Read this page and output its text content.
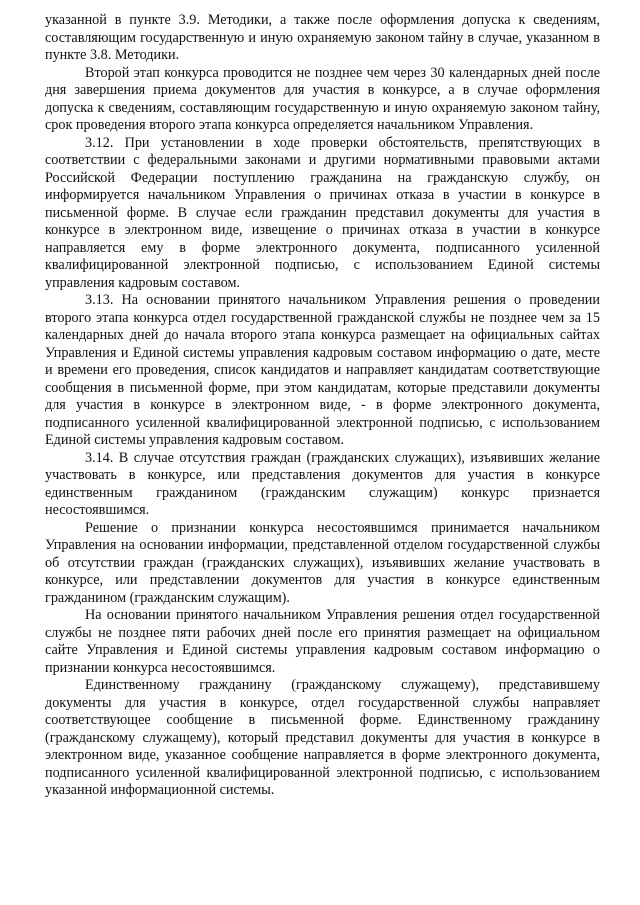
указанной в пункте 3.9. Методики, а также после оформления допуска к сведениям, составляющим государственную и иную охраняемую законом тайну в случае, указанном в пункте 3.8. Методики.

Второй этап конкурса проводится не позднее чем через 30 календарных дней после дня завершения приема документов для участия в конкурсе, а в случае оформления допуска к сведениям, составляющим государственную и иную охраняемую законом тайну, срок проведения второго этапа конкурса определяется начальником Управления.

3.12. При установлении в ходе проверки обстоятельств, препятствующих в соответствии с федеральными законами и другими нормативными правовыми актами Российской Федерации поступлению гражданина на гражданскую службу, он информируется начальником Управления о причинах отказа в участии в конкурсе в письменной форме. В случае если гражданин представил документы для участия в конкурсе в электронном виде, извещение о причинах отказа в участии в конкурсе направляется ему в форме электронного документа, подписанного усиленной квалифицированной электронной подписью, с использованием Единой системы управления кадровым составом.

3.13. На основании принятого начальником Управления решения о проведении второго этапа конкурса отдел государственной гражданской службы не позднее чем за 15 календарных дней до начала второго этапа конкурса размещает на официальных сайтах Управления и Единой системы управления кадровым составом информацию о дате, месте и времени его проведения, список кандидатов и направляет кандидатам соответствующие сообщения в письменной форме, при этом кандидатам, которые представили документы для участия в конкурсе в электронном виде, - в форме электронного документа, подписанного усиленной квалифицированной электронной подписью, с использованием Единой системы управления кадровым составом.

3.14. В случае отсутствия граждан (гражданских служащих), изъявивших желание участвовать в конкурсе, или представления документов для участия в конкурсе единственным гражданином (гражданским служащим) конкурс признается несостоявшимся.

Решение о признании конкурса несостоявшимся принимается начальником Управления на основании информации, представленной отделом государственной службы об отсутствии граждан (гражданских служащих), изъявивших желание участвовать в конкурсе, или представлении документов для участия в конкурсе единственным гражданином (гражданским служащим).

На основании принятого начальником Управления решения отдел государственной службы не позднее пяти рабочих дней после его принятия размещает на официальном сайте Управления и Единой системы управления кадровым составом информацию о признании конкурса несостоявшимся.

Единственному гражданину (гражданскому служащему), представившему документы для участия в конкурсе, отдел государственной службы направляет соответствующее сообщение в письменной форме. Единственному гражданину (гражданскому служащему), который представил документы для участия в конкурсе в электронном виде, указанное сообщение направляется в форме электронного документа, подписанного усиленной квалифицированной электронной подписью, с использованием указанной информационной системы.
